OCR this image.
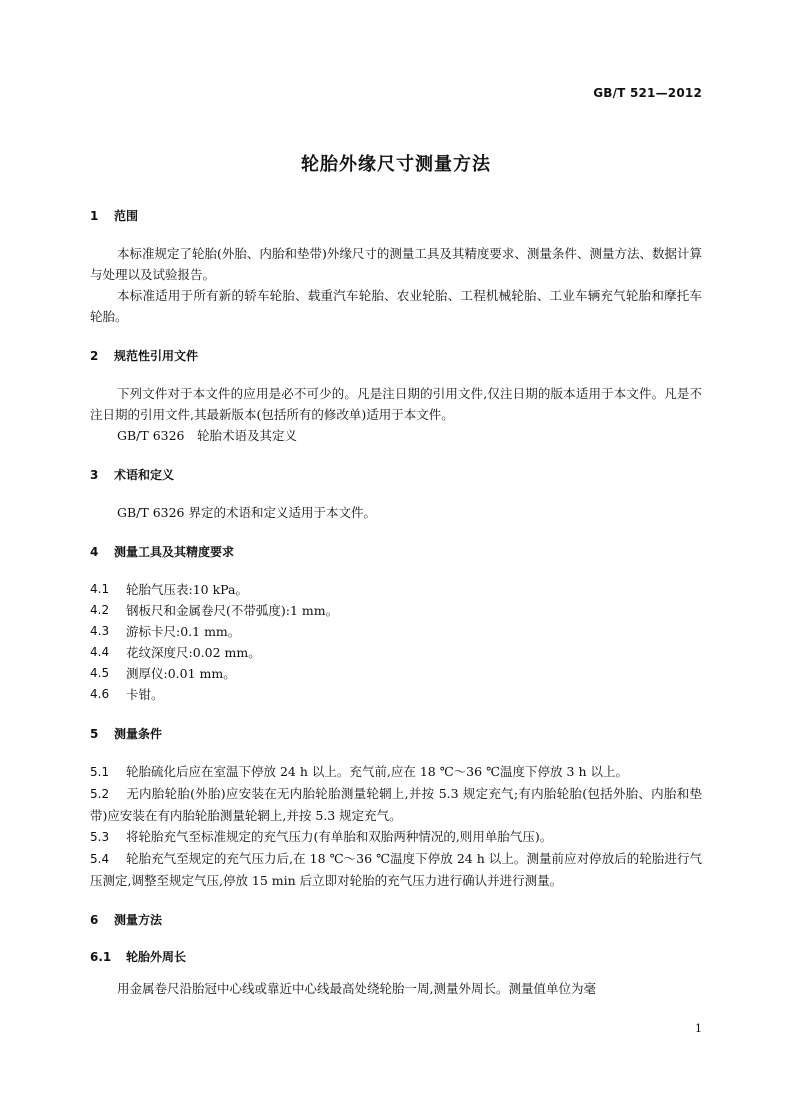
GB/T 521—2012
轮胎外缘尺寸测量方法
1	范围
本标准规定了轮胎(外胎、内胎和垫带)外缘尺寸的测量工具及其精度要求、测量条件、测量方法、数据计算与处理以及试验报告。
本标准适用于所有新的轿车轮胎、载重汽车轮胎、农业轮胎、工程机械轮胎、工业车辆充气轮胎和摩托车轮胎。
2	规范性引用文件
下列文件对于本文件的应用是必不可少的。凡是注日期的引用文件,仅注日期的版本适用于本文件。凡是不注日期的引用文件,其最新版本(包括所有的修改单)适用于本文件。
GB/T 6326　轮胎术语及其定义
3	术语和定义
GB/T 6326 界定的术语和定义适用于本文件。
4	测量工具及其精度要求
4.1	轮胎气压表:10 kPa。
4.2	钢板尺和金属卷尺(不带弧度):1 mm。
4.3	游标卡尺:0.1 mm。
4.4	花纹深度尺:0.02 mm。
4.5	测厚仪:0.01 mm。
4.6	卡钳。
5	测量条件
5.1 轮胎硫化后应在室温下停放 24 h 以上。充气前,应在 18 ℃～36 ℃温度下停放 3 h 以上。
5.2 无内胎轮胎(外胎)应安装在无内胎轮胎测量轮辋上,并按 5.3 规定充气;有内胎轮胎(包括外胎、内胎和垫带)应安装在有内胎轮胎测量轮辋上,并按 5.3 规定充气。
5.3 将轮胎充气至标准规定的充气压力(有单胎和双胎两种情况的,则用单胎气压)。
5.4 轮胎充气至规定的充气压力后,在 18 ℃～36 ℃温度下停放 24 h 以上。测量前应对停放后的轮胎进行气压测定,调整至规定气压,停放 15 min 后立即对轮胎的充气压力进行确认并进行测量。
6	测量方法
6.1	轮胎外周长
用金属卷尺沿胎冠中心线或靠近中心线最高处绕轮胎一周,测量外周长。测量值单位为毫
1
